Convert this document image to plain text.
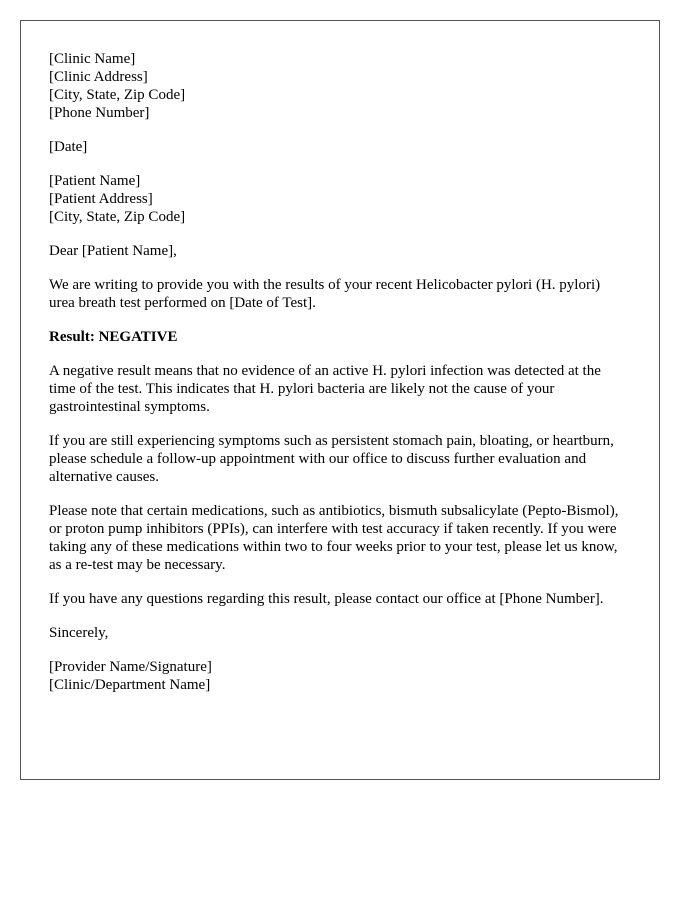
[Clinic Name]
[Clinic Address]
[City, State, Zip Code]
[Phone Number]
[Date]
[Patient Name]
[Patient Address]
[City, State, Zip Code]

Dear [Patient Name],

We are writing to provide you with the results of your recent Helicobacter pylori (H. pylori) urea breath test performed on [Date of Test].

Result: NEGATIVE

A negative result means that no evidence of an active H. pylori infection was detected at the time of the test. This indicates that H. pylori bacteria are likely not the cause of your gastrointestinal symptoms.

If you are still experiencing symptoms such as persistent stomach pain, bloating, or heartburn, please schedule a follow-up appointment with our office to discuss further evaluation and alternative causes.

Please note that certain medications, such as antibiotics, bismuth subsalicylate (Pepto-Bismol), or proton pump inhibitors (PPIs), can interfere with test accuracy if taken recently. If you were taking any of these medications within two to four weeks prior to your test, please let us know, as a re-test may be necessary.

If you have any questions regarding this result, please contact our office at [Phone Number].

Sincerely,

[Provider Name/Signature]
[Clinic/Department Name]
